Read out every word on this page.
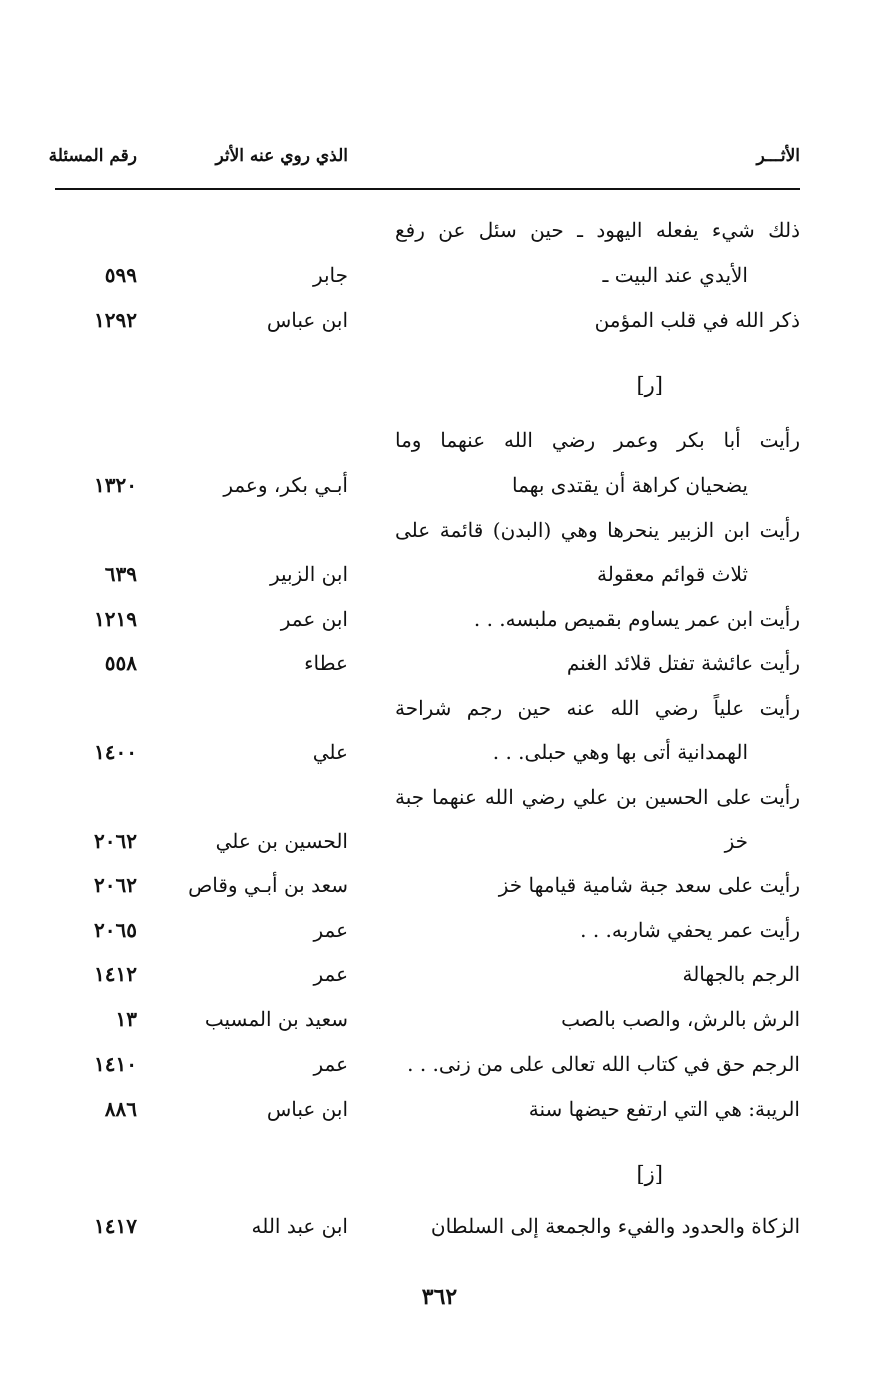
الأثـــر
الذي روي عنه الأثر
رقم المسئلة
ذلك شيء يفعله اليهود ـ حين سئل عن رفع
الأيدي عند البيت ـ
جابر
٥٩٩
ذكر الله في قلب المؤمن
ابن عباس
١٢٩٢
[ر]
رأيت أبا بكر وعمر رضي الله عنهما وما
يضحيان كراهة أن يقتدى بهما
أبـي بكر، وعمر
١٣٢٠
رأيت ابن الزبير ينحرها وهي (البدن) قائمة على
ثلاث قوائم معقولة
ابن الزبير
٦٣٩
رأيت ابن عمر يساوم بقميص ملبسه. . .
ابن عمر
١٢١٩
رأيت عائشة تفتل قلائد الغنم
عطاء
٥٥٨
رأيت علياً رضي الله عنه حين رجم شراحة
الهمدانية أتى بها وهي حبلى. . .
علي
١٤٠٠
رأيت على الحسين بن علي رضي الله عنهما جبة
خز
الحسين بن علي
٢٠٦٢
رأيت على سعد جبة شامية قيامها خز
سعد بن أبـي وقاص
٢٠٦٢
رأيت عمر يحفي شاربه. . .
عمر
٢٠٦٥
الرجم بالجهالة
عمر
١٤١٢
الرش بالرش، والصب بالصب
سعيد بن المسيب
١٣
الرجم حق في كتاب الله تعالى على من زنى. . .
عمر
١٤١٠
الريبة: هي التي ارتفع حيضها سنة
ابن عباس
٨٨٦
[ز]
الزكاة والحدود والفيء والجمعة إلى السلطان
ابن عبد الله
١٤١٧
٣٦٢
